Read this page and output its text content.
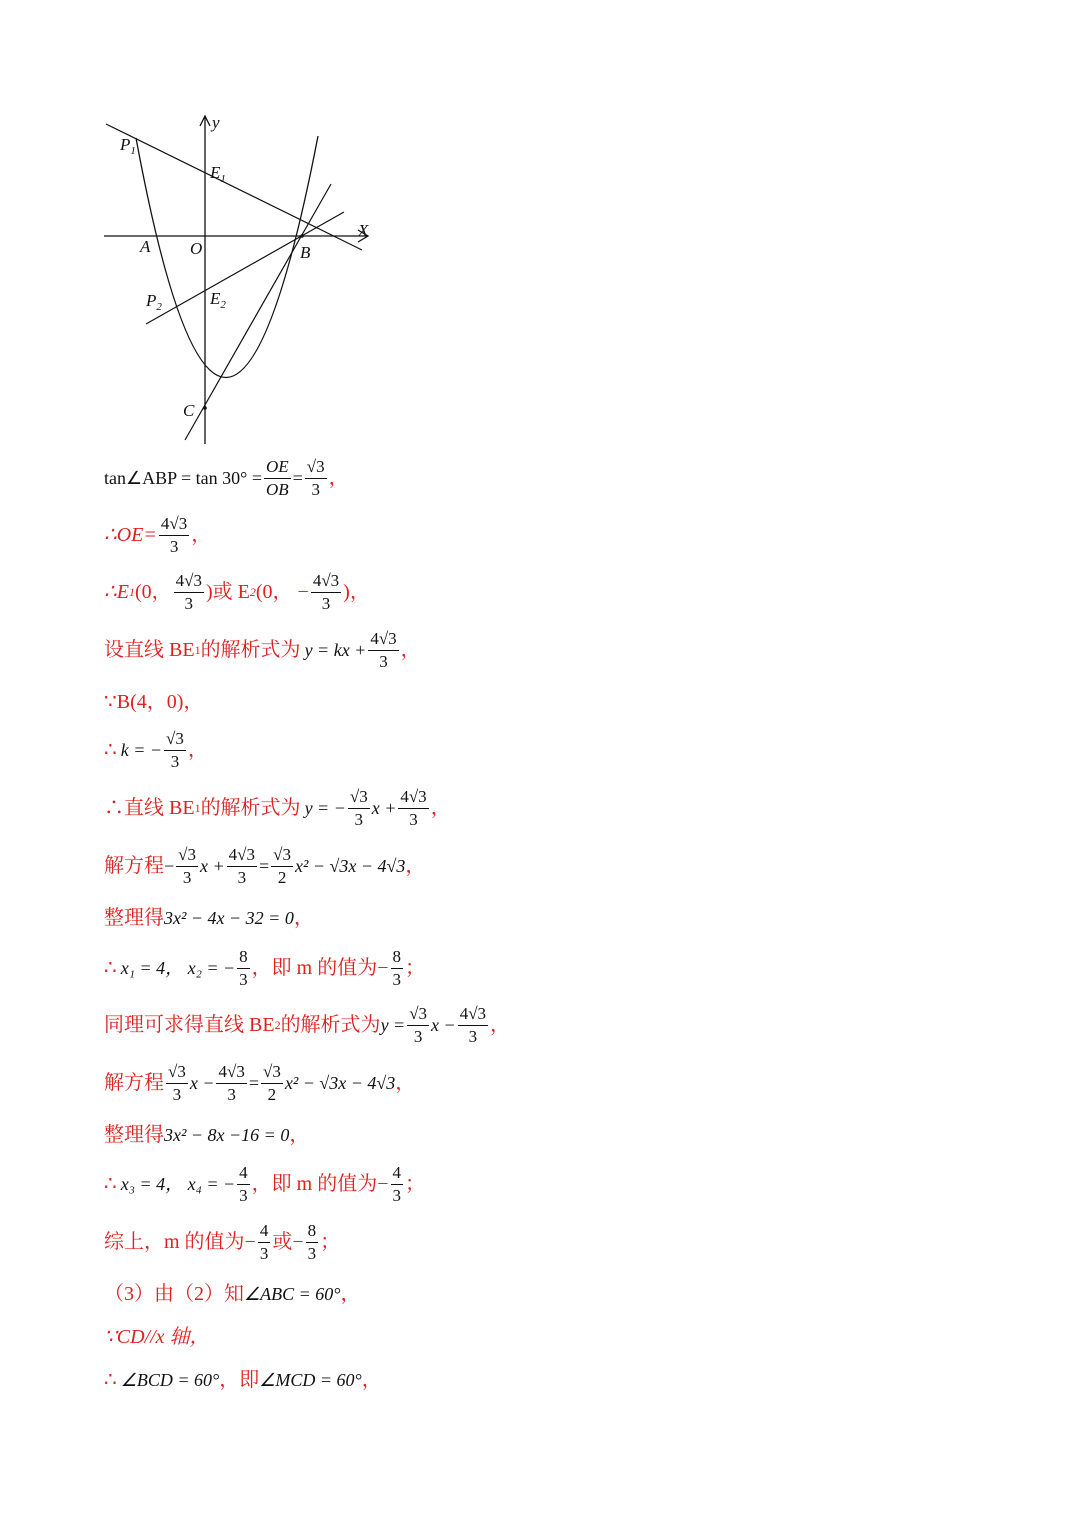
y
X
O
A	B
C
$P_1$
$P_2$
$E_1$
$E_2$
tan∠ABP = $\tan 30^\circ = \frac{OE}{OB} = \frac{√3}{3}$ ，
∴OE= $\frac{4√3}{3}$ ，
∴E 1 (0， $\frac{4√3}{3}$ )或 E 2 (0， − $\frac{4√3}{3}$ )，
设直线 BE 1 的解析式为 y = kx + $\frac{4√3}{3}$ ，
∵B(4，0)，
∴ k = − $\frac{√3}{3}$ ，
∴直线 BE 1 的解析式为 y = − $\frac{√3}{3}$ $x + \frac{4√3}{3}$ ，
解方程 − $\frac{√3}{3}$ $x + \frac{4√3}{3} = \frac{√3}{2} x^2 - √3x - 4√3$ ，
整理得 3x² − 4x − 32 = 0 ，
∴ x₁ = 4， x₂ = − $\frac{8}{3}$ ，即 m 的值为− $\frac{8}{3}$ ；
同理可求得直线 BE 2 的解析式为 $y = \frac{√3}{3}$ $x - \frac{4√3}{3}$ ，
解方程 $\frac{√3}{3}$ $x - \frac{4√3}{3} = \frac{√3}{2} x^2 - √3x - 4√3$ ，
整理得 3x² − 8x −16 = 0 ，
∴ x₃ = 4， x₄ = − $\frac{4}{3}$ ，即 m 的值为− $\frac{4}{3}$ ；
综上，m 的值为− $\frac{4}{3}$ 或− $\frac{8}{3}$ ；
（3）由（2）知 ∠ABC = 60° ，
∵CD//x 轴，
∴ ∠BCD = 60° ，即 ∠MCD = 60° ，
